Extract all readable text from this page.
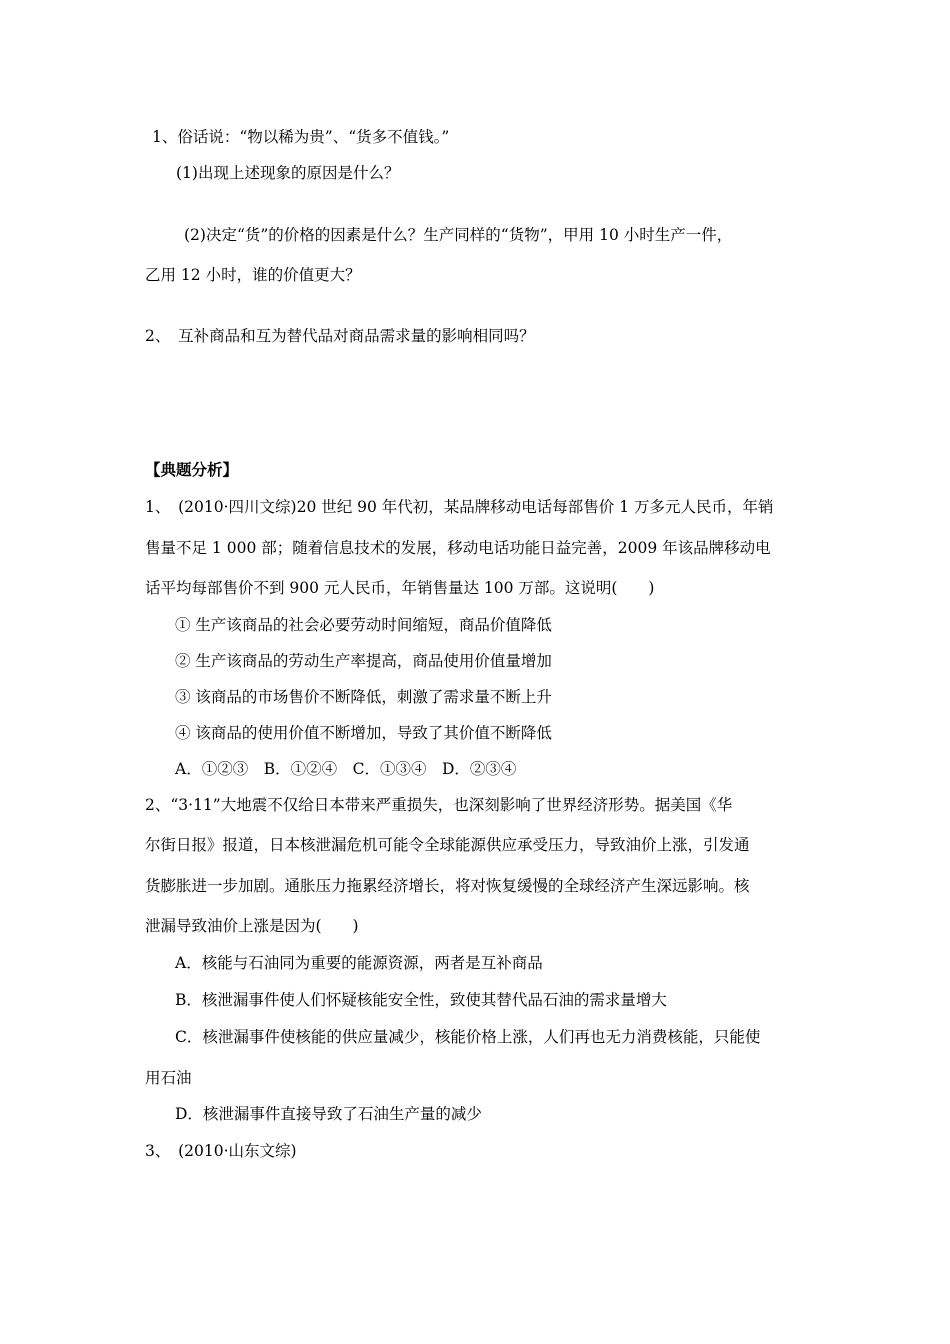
1、俗话说：“物以稀为贵”、“货多不值钱。”
(1)出现上述现象的原因是什么？
(2)决定“货”的价格的因素是什么？生产同样的“货物”，甲用 10 小时生产一件，
乙用 12 小时，谁的价值更大？
2、　互补商品和互为替代品对商品需求量的影响相同吗？
【典题分析】
1、　(2010·四川文综)20 世纪 90 年代初，某品牌移动电话每部售价 1 万多元人民币，年销
售量不足 1 000 部；随着信息技术的发展，移动电话功能日益完善，2009 年该品牌移动电
话平均每部售价不到 900 元人民币，年销售量达 100 万部。这说明(　　)
① 生产该商品的社会必要劳动时间缩短，商品价值降低
② 生产该商品的劳动生产率提高，商品使用价值量增加
③ 该商品的市场售价不断降低，刺激了需求量不断上升
④ 该商品的使用价值不断增加，导致了其价值不断降低
A．①②③　B．①②④　C．①③④　D．②③④
2、“3·11”大地震不仅给日本带来严重损失，也深刻影响了世界经济形势。据美国《华
尔街日报》报道，日本核泄漏危机可能令全球能源供应承受压力，导致油价上涨，引发通
货膨胀进一步加剧。通胀压力拖累经济增长，将对恢复缓慢的全球经济产生深远影响。核
泄漏导致油价上涨是因为(　　)
A．核能与石油同为重要的能源资源，两者是互补商品
B．核泄漏事件使人们怀疑核能安全性，致使其替代品石油的需求量增大
C．核泄漏事件使核能的供应量减少，核能价格上涨，人们再也无力消费核能，只能使
用石油
D．核泄漏事件直接导致了石油生产量的减少
3、　(2010·山东文综)
